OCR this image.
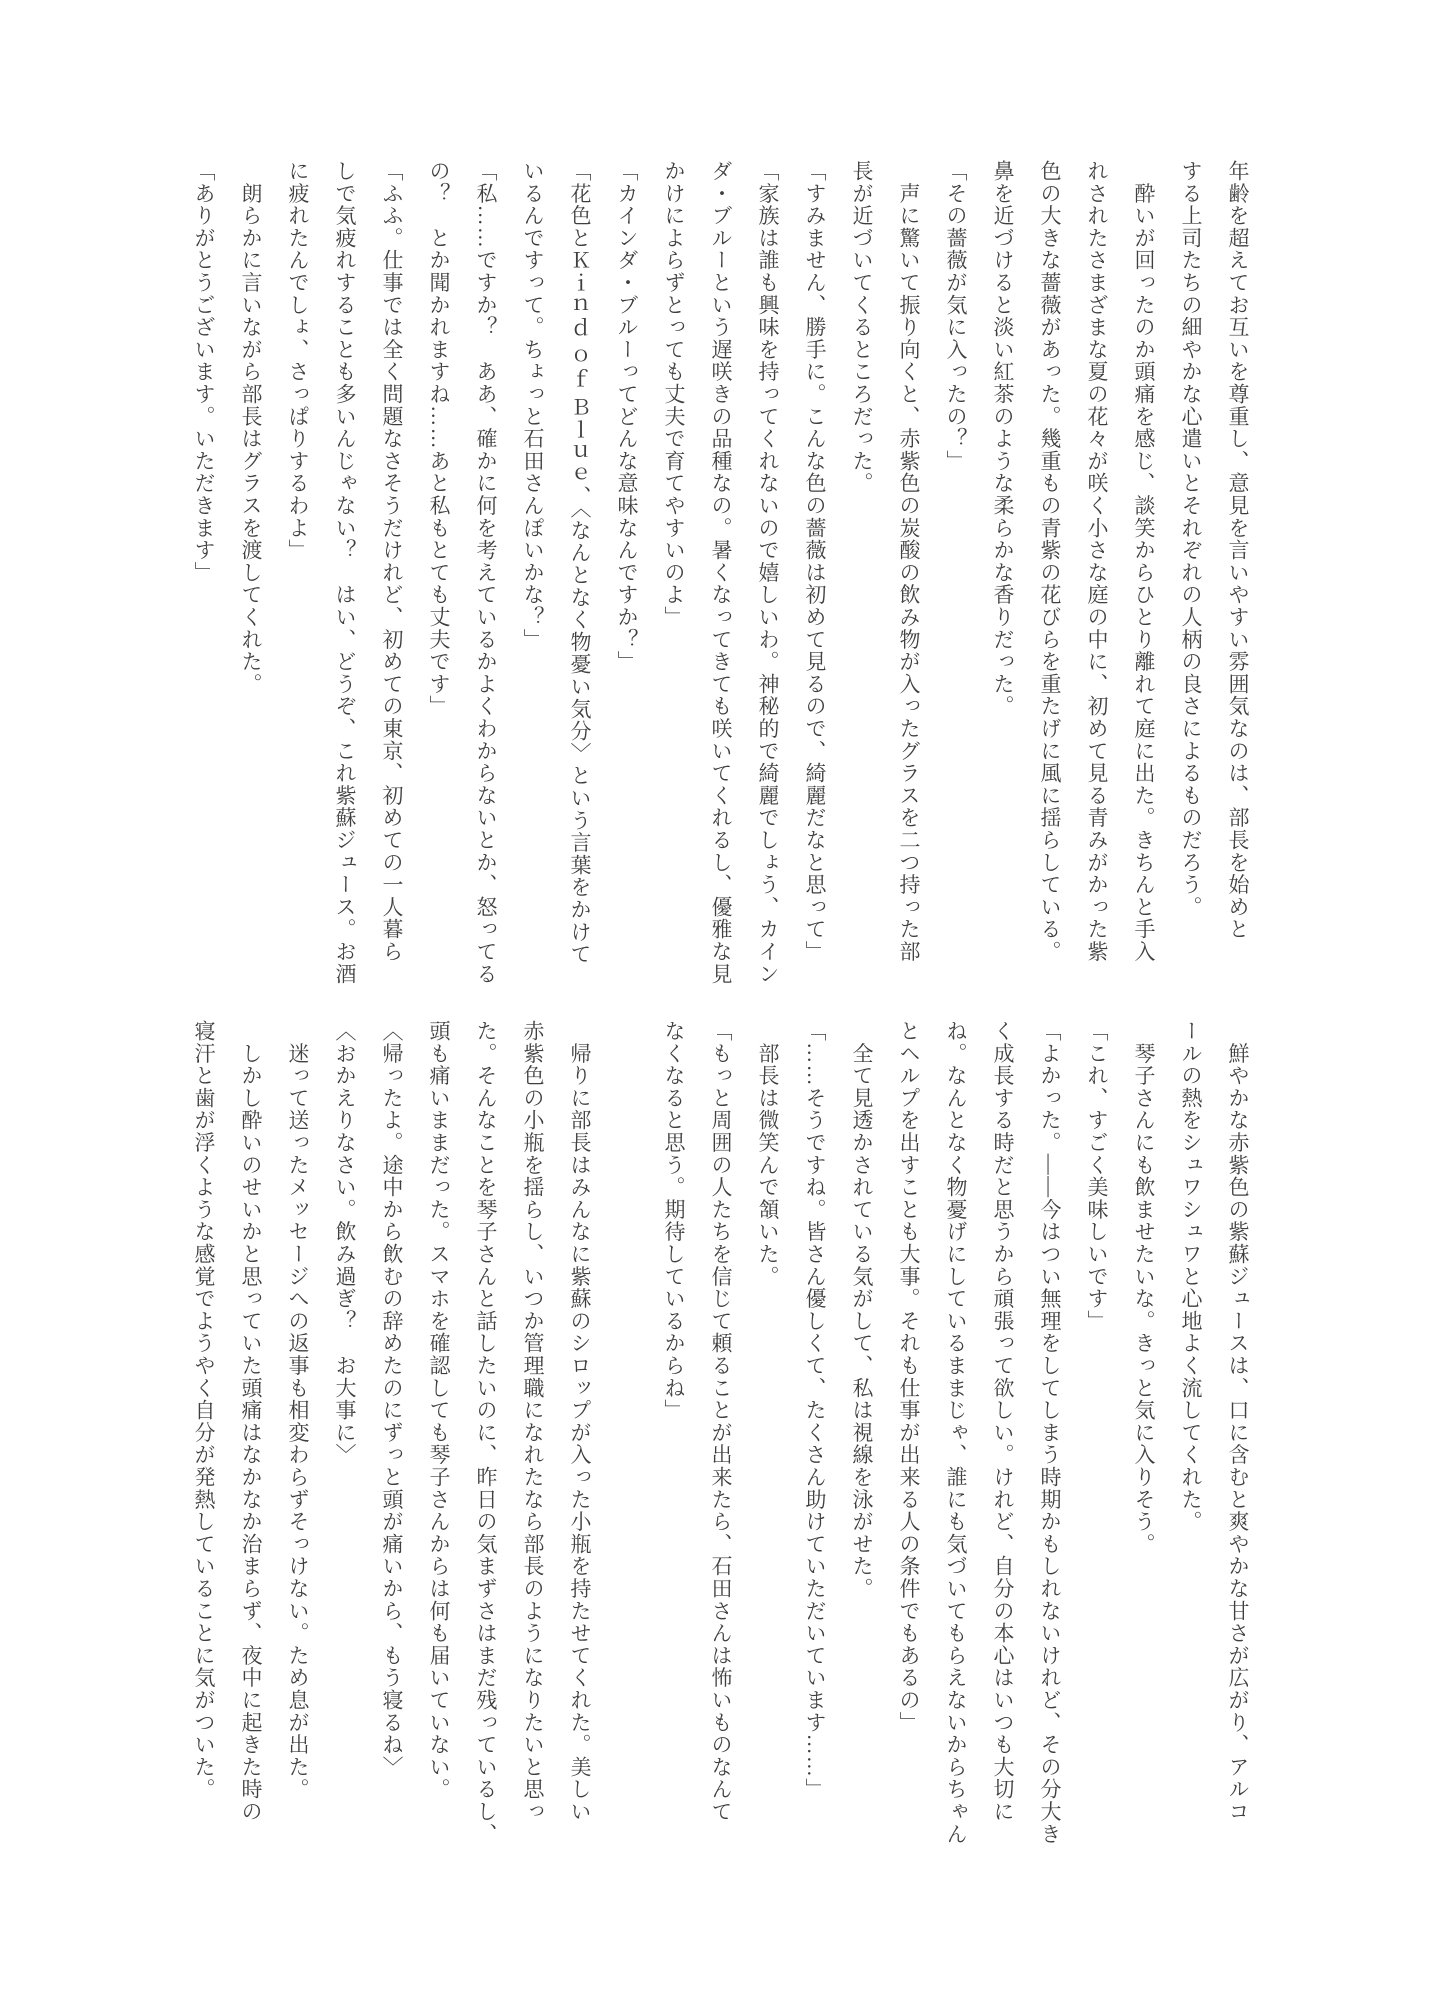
年齢を超えてお互いを尊重し、意見を言いやすい雰囲気なのは、部長を始めと

する上司たちの細やかな心遣いとそれぞれの人柄の良さによるものだろう。

　酔いが回ったのか頭痛を感じ、談笑からひとり離れて庭に出た。きちんと手入

れされたさまざまな夏の花々が咲く小さな庭の中に、初めて見る青みがかった紫

色の大きな薔薇があった。幾重もの青紫の花びらを重たげに風に揺らしている。

鼻を近づけると淡い紅茶のような柔らかな香りだった。

「その薔薇が気に入ったの？」

　声に驚いて振り向くと、赤紫色の炭酸の飲み物が入ったグラスを二つ持った部

長が近づいてくるところだった。

「すみません、勝手に。こんな色の薔薇は初めて見るので、綺麗だなと思って」

「家族は誰も興味を持ってくれないので嬉しいわ。神秘的で綺麗でしょう、カイン

ダ・ブルーという遅咲きの品種なの。暑くなってきても咲いてくれるし、優雅な見

かけによらずとっても丈夫で育てやすいのよ」

「カインダ・ブルーってどんな意味なんですか？」

「花色とＫｉｎｄ ｏｆ Ｂｌｕｅ、〈なんとなく物憂い気分〉という言葉をかけて

いるんですって。ちょっと石田さんぽいかな？」

「私……ですか？　ああ、確かに何を考えているかよくわからないとか、怒ってる

の？　とか聞かれますね……あと私もとても丈夫です」

「ふふ。仕事では全く問題なさそうだけれど、初めての東京、初めての一人暮ら

しで気疲れすることも多いんじゃない？　はい、どうぞ、これ紫蘇ジュース。お酒

に疲れたんでしょ、さっぱりするわよ」

　朗らかに言いながら部長はグラスを渡してくれた。

「ありがとうございます。いただきます」

　鮮やかな赤紫色の紫蘇ジュースは、口に含むと爽やかな甘さが広がり、アルコ

ールの熱をシュワシュワと心地よく流してくれた。

　琴子さんにも飲ませたいな。きっと気に入りそう。

「これ、すごく美味しいです」

「よかった。――今はつい無理をしてしまう時期かもしれないけれど、その分大き

く成長する時だと思うから頑張って欲しい。けれど、自分の本心はいつも大切に

ね。なんとなく物憂げにしているままじゃ、誰にも気づいてもらえないからちゃん

とヘルプを出すことも大事。それも仕事が出来る人の条件でもあるの」

　全て見透かされている気がして、私は視線を泳がせた。

「……そうですね。皆さん優しくて、たくさん助けていただいています……」

　部長は微笑んで頷いた。

「もっと周囲の人たちを信じて頼ることが出来たら、石田さんは怖いものなんて

なくなると思う。期待しているからね」

　帰りに部長はみんなに紫蘇のシロップが入った小瓶を持たせてくれた。美しい

赤紫色の小瓶を揺らし、いつか管理職になれたなら部長のようになりたいと思っ

た。そんなことを琴子さんと話したいのに、昨日の気まずさはまだ残っているし、

頭も痛いままだった。スマホを確認しても琴子さんからは何も届いていない。

〈帰ったよ。途中から飲むの辞めたのにずっと頭が痛いから、もう寝るね〉

〈おかえりなさい。飲み過ぎ？　お大事に〉

　迷って送ったメッセージへの返事も相変わらずそっけない。ため息が出た。

　しかし酔いのせいかと思っていた頭痛はなかなか治まらず、夜中に起きた時の

寝汗と歯が浮くような感覚でようやく自分が発熱していることに気がついた。
